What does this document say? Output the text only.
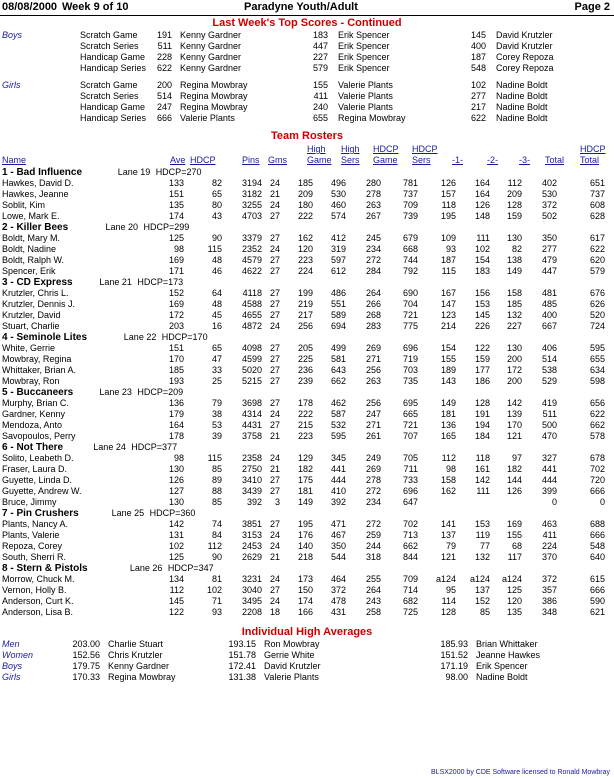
08/08/2000 Week 9 of 10	Paradyne Youth/Adult	Page 2
Last Week's Top Scores - Continued
Boys	Scratch Game	191 Kenny Gardner	183 Erik Spencer	145 David Krutzler
Scratch Series	511 Kenny Gardner	447 Erik Spencer	400 David Krutzler
Handicap Game	228 Kenny Gardner	227 Erik Spencer	187 Corey Repoza
Handicap Series	622 Kenny Gardner	579 Erik Spencer	548 Corey Repoza
Girls	Scratch Game	200 Regina Mowbray	155 Valerie Plants	102 Nadine Boldt
Scratch Series	514 Regina Mowbray	411 Valerie Plants	277 Nadine Boldt
Handicap Game	247 Regina Mowbray	240 Valerie Plants	217 Nadine Boldt
Handicap Series	666 Valerie Plants	655 Regina Mowbray	622 Nadine Boldt
Team Rosters
Name	Ave HDCP	Pins Gms
High
Game
High
Sers
HDCP
Game
HDCP
Sers -1-	-2- -3- Total
HDCP
Total
1 - Bad Influence	Lane 19 HDCP=270
Hawkes, David D.	133	82	3194 24	185	496	280	781	126	164	112	402	651
Hawkes, Jeanne	151	65	3182 21	209	530	278	737	157	164	209	530	737
Soblit, Kim	135	80	3255 24	180	460	263	709	118	126	128	372	608
Lowe, Mark E.	174	43	4703 27	222	574	267	739	195	148	159	502	628
2 - Killer Bees	Lane 20 HDCP=299
Boldt, Mary M.	125	90	3379 27	162	412	245	679	109	111	130	350	617
Boldt, Nadine	98	115	2352 24	120	319	234	668	93	102	82	277	622
Boldt, Ralph W.	169	48	4579 27	223	597	272	744	187	154	138	479	620
Spencer, Erik	171	46	4622 27	224	612	284	792	115	183	149	447	579
3 - CD Express	Lane 21 HDCP=173
Krutzler, Chris L.	152	64	4118 27	199	486	264	690	167	156	158	481	676
Krutzler, Dennis J.	169	48	4588 27	219	551	266	704	147	153	185	485	626
Krutzler, David	172	45	4655 27	217	589	268	721	123	145	132	400	520
Stuart, Charlie	203	16	4872 24	256	694	283	775	214	226	227	667	724
4 - Seminole Lites	Lane 22 HDCP=170
White, Gerrie	151	65	4098 27	205	499	269	696	154	122	130	406	595
Mowbray, Regina	170	47	4599 27	225	581	271	719	155	159	200	514	655
Whittaker, Brian A.	185	33	5020 27	236	643	256	703	189	177	172	538	634
Mowbray, Ron	193	25	5215 27	239	662	263	735	143	186	200	529	598
5 - Buccaneers	Lane 23 HDCP=209
Murphy, Brian C.	136	79	3698 27	178	462	256	695	149	128	142	419	656
Gardner, Kenny	179	38	4314 24	222	587	247	665	181	191	139	511	622
Mendoza, Anto	164	53	4431 27	215	532	271	721	136	194	170	500	662
Savopoulos, Perry	178	39	3758 21	223	595	261	707	165	184	121	470	578
6 - Not There	Lane 24 HDCP=377
Solito, Leabeth D.	98	115	2358 24	129	345	249	705	112	118	97	327	678
Fraser, Laura D.	130	85	2750 21	182	441	269	711	98	161	182	441	702
Guyette, Linda D.	126	89	3410 27	175	444	278	733	158	142	144	444	720
Guyette, Andrew W.	127	88	3439 27	181	410	272	696	162	111	126	399	666
Bruce, Jimmy	130	85	392	3	149	392	234	647	0	0
7 - Pin Crushers	Lane 25 HDCP=360
Plants, Nancy A.	142	74	3851 27	195	471	272	702	141	153	169	463	688
Plants, Valerie	131	84	3153 24	176	467	259	713	137	119	155	411	666
Repoza, Corey	102	112	2453 24	140	350	244	662	79	77	68	224	548
South, Sherri R.	125	90	2629 21	218	544	318	844	121	132	117	370	640
8 - Stern & Pistols	Lane 26 HDCP=347
Morrow, Chuck M.	134	81	3231 24	173	464	255	709	a124	a124	a124	372	615
Vernon, Holly B.	112	102	3040 27	150	372	264	714	95	137	125	357	666
Anderson, Curt K.	145	71	3495 24	174	478	243	682	114	152	120	386	590
Anderson, Lisa B.	122	93	2208 18	166	431	258	725	128	85	135	348	621
Individual High Averages
Men	203.00 Charlie Stuart	193.15 Ron Mowbray	185.93 Brian Whittaker
Women	152.56 Chris Krutzler	151.78 Gerrie White	151.52 Jeanne Hawkes
Boys	179.75 Kenny Gardner	172.41 David Krutzler	171.19 Erik Spencer
Girls	170.33 Regina Mowbray	131.38 Valerie Plants	98.00 Nadine Boldt
BLSX2000 by CDE Software licensed to Ronald Mowbray
